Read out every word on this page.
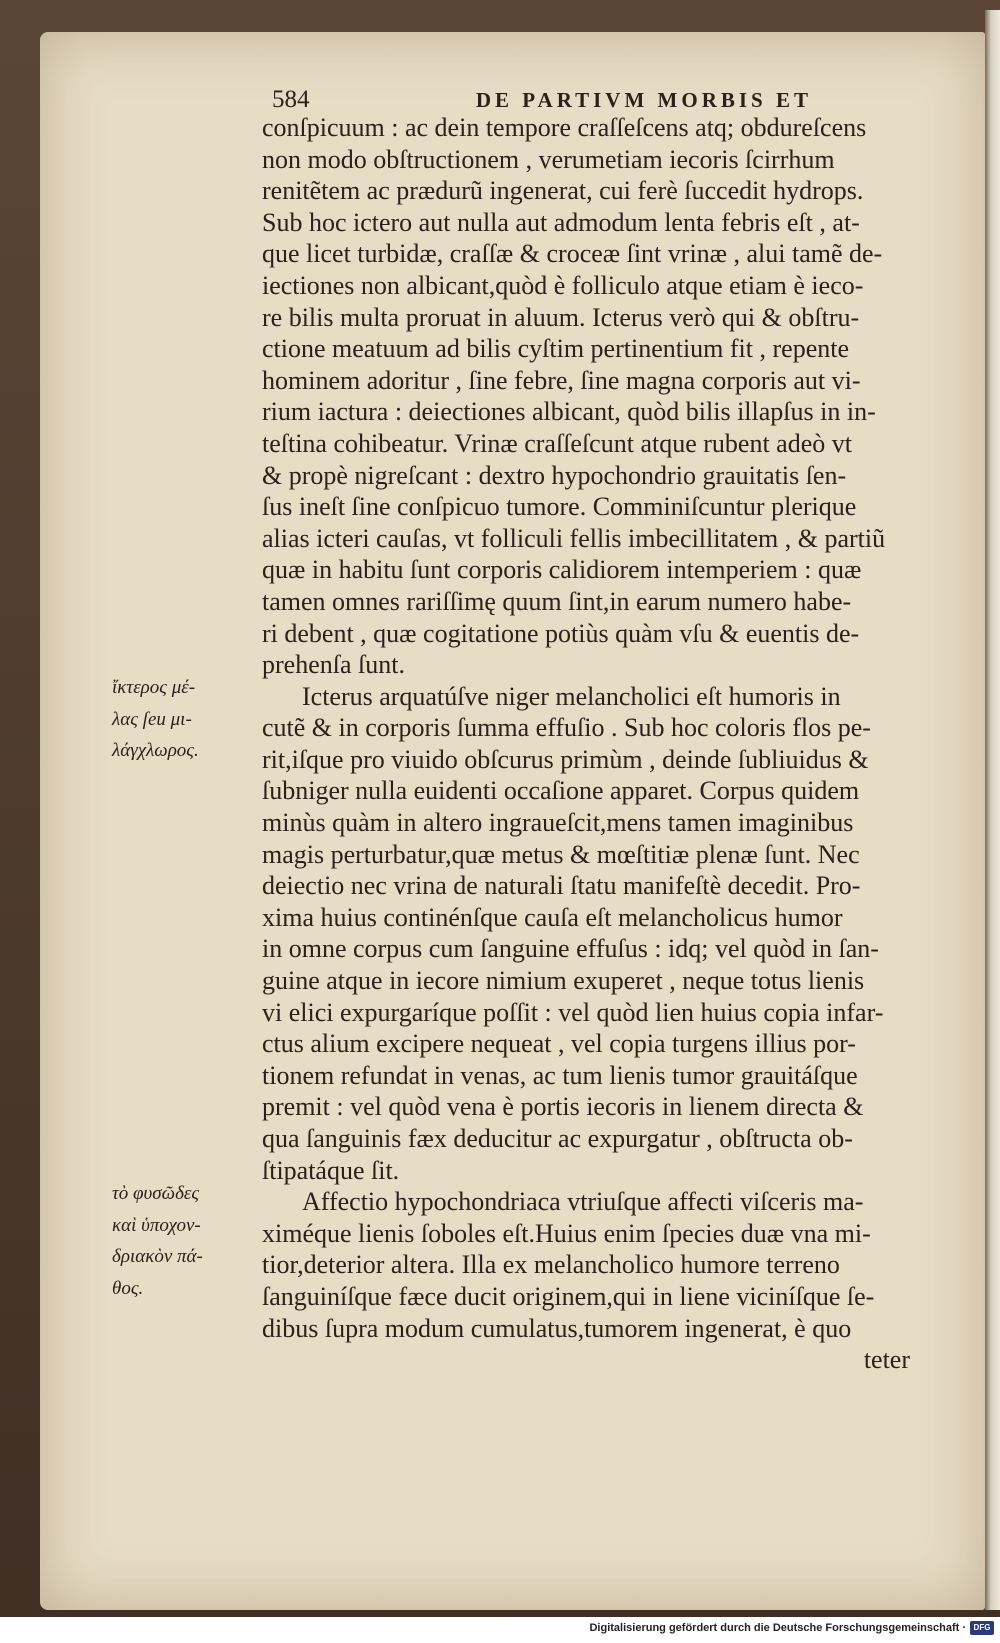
584	DE PARTIVM MORBIS ET
conſpicuum : ac dein tempore craſſeſcens atq; obdureſcens
non modo obſtructionem , verumetiam iecoris ſcirrhum
renitẽtem ac prædurũ ingenerat, cui ferè ſuccedit hydrops.
Sub hoc ictero aut nulla aut admodum lenta febris eſt , at-
que licet turbidæ, craſſæ & croceæ ſint vrinæ , alui tamẽ de-
iectiones non albicant,quòd è folliculo atque etiam è ieco-
re bilis multa proruat in aluum. Icterus verò qui & obſtru-
ctione meatuum ad bilis cyſtim pertinentium fit , repente
hominem adoritur , ſine febre, ſine magna corporis aut vi-
rium iactura : deiectiones albicant, quòd bilis illapſus in in-
teſtina cohibeatur. Vrinæ craſſeſcunt atque rubent adeò vt
& propè nigreſcant : dextro hypochondrio grauitatis ſen-
ſus ineſt ſine conſpicuo tumore. Comminiſcuntur plerique
alias icteri cauſas, vt folliculi fellis imbecillitatem , & partiũ
quæ in habitu ſunt corporis calidiorem intemperiem : quæ
tamen omnes rariſſimę quum ſint,in earum numero habe-
ri debent , quæ cogitatione potiùs quàm vſu & euentis de-
prehenſa ſunt.
Icterus arquatúſve niger melancholici eſt humoris in
cutẽ & in corporis ſumma effuſio . Sub hoc coloris flos pe-
rit,iſque pro viuido obſcurus primùm , deinde ſubliuidus &
ſubniger nulla euidenti occaſione apparet. Corpus quidem
minùs quàm in altero ingraueſcit,mens tamen imaginibus
magis perturbatur,quæ metus & mœſtitiæ plenæ ſunt. Nec
deiectio nec vrina de naturali ſtatu manifeſtè decedit. Pro-
xima huius continénſque cauſa eſt melancholicus humor
in omne corpus cum ſanguine effuſus : idq; vel quòd in ſan-
guine atque in iecore nimium exuperet , neque totus lienis
vi elici expurgaríque poſſit : vel quòd lien huius copia infar-
ctus alium excipere nequeat , vel copia turgens illius por-
tionem refundat in venas, ac tum lienis tumor grauitáſque
premit : vel quòd vena è portis iecoris in lienem directa &
qua ſanguinis fæx deducitur ac expurgatur , obſtructa ob-
ſtipatáque ſit.
Affectio hypochondriaca vtriuſque affecti viſceris ma-
ximéque lienis ſoboles eſt.Huius enim ſpecies duæ vna mi-
tior,deterior altera. Illa ex melancholico humore terreno
ſanguiníſque fæce ducit originem,qui in liene viciníſque ſe-
dibus ſupra modum cumulatus,tumorem ingenerat, è quo
teter
ἴκτερος μέ-
λας ſeu μι-
λάγχλωρος.
τὸ φυσῶδες
καὶ ὑποχον-
δριακὸν πά-
θος.
Digitalisierung gefördert durch die Deutsche Forschungsgemeinschaft · DFG
